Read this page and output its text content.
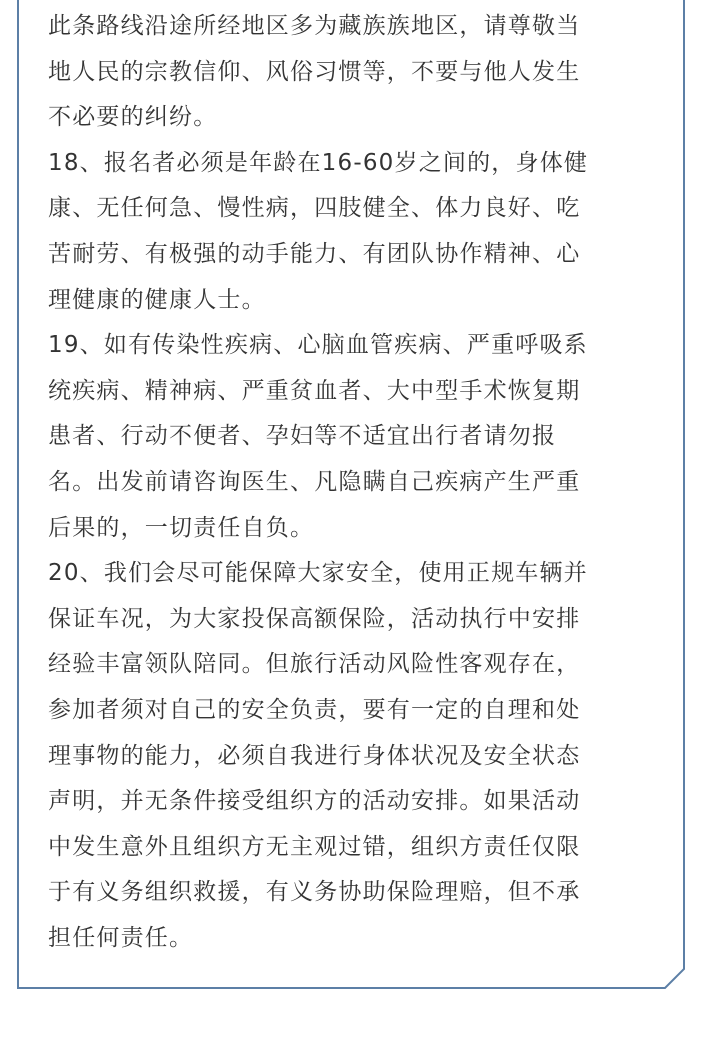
此条路线沿途所经地区多为藏族族地区，请尊敬当
地人民的宗教信仰、风俗习惯等，不要与他人发生
不必要的纠纷。
18、报名者必须是年龄在16-60岁之间的，身体健
康、无任何急、慢性病，四肢健全、体力良好、吃
苦耐劳、有极强的动手能力、有团队协作精神、心
理健康的健康人士。
19、如有传染性疾病、心脑血管疾病、严重呼吸系
统疾病、精神病、严重贫血者、大中型手术恢复期
患者、行动不便者、孕妇等不适宜出行者请勿报
名。出发前请咨询医生、凡隐瞒自己疾病产生严重
后果的，一切责任自负。
20、我们会尽可能保障大家安全，使用正规车辆并
保证车况，为大家投保高额保险，活动执行中安排
经验丰富领队陪同。但旅行活动风险性客观存在，
参加者须对自己的安全负责，要有一定的自理和处
理事物的能力，必须自我进行身体状况及安全状态
声明，并无条件接受组织方的活动安排。如果活动
中发生意外且组织方无主观过错，组织方责任仅限
于有义务组织救援，有义务协助保险理赔，但不承
担任何责任。
